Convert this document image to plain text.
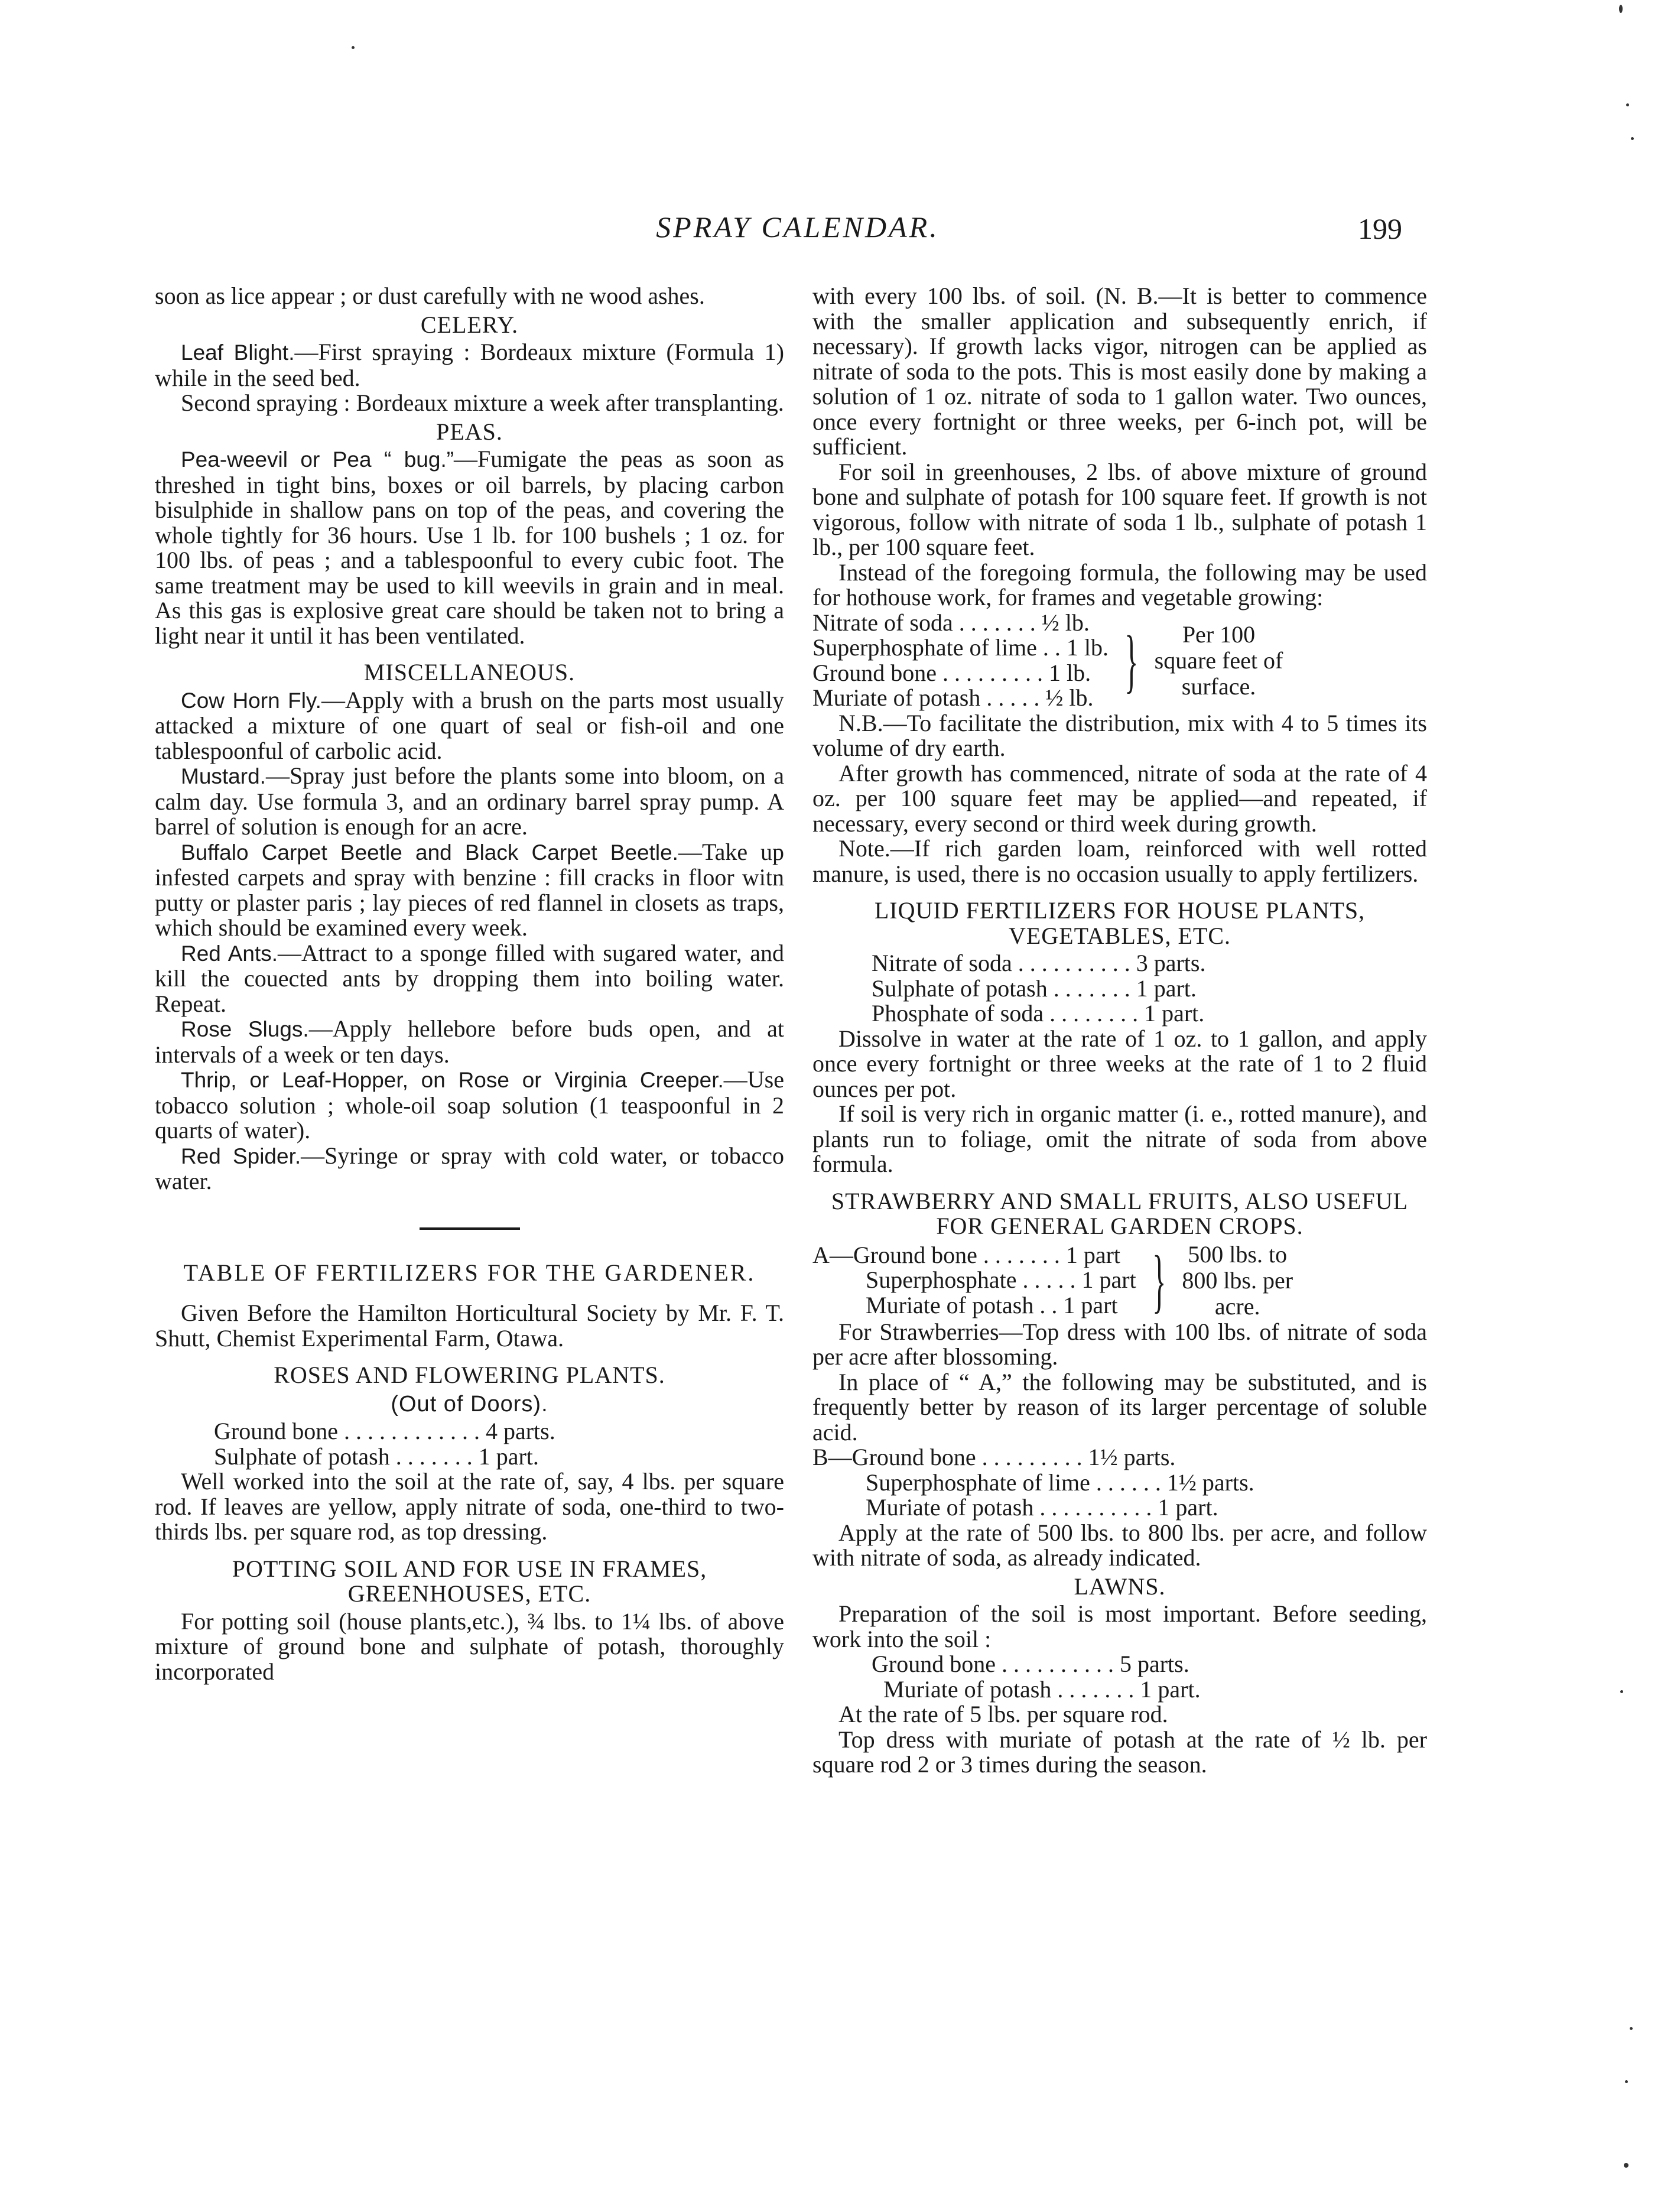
SPRAY CALENDAR.	199

soon as lice appear ; or dust carefully with ne wood ashes.

CELERY.

Leaf Blight.—First spraying : Bordeaux mixture (Formula 1) while in the seed bed.

Second spraying : Bordeaux mixture a week after transplanting.

PEAS.

Pea-weevil or Pea “ bug.”—Fumigate the peas as soon as threshed in tight bins, boxes or oil barrels, by placing carbon bisulphide in shallow pans on top of the peas, and covering the whole tightly for 36 hours. Use 1 lb. for 100 bushels ; 1 oz. for 100 lbs. of peas ; and a tablespoonful to every cubic foot. The same treatment may be used to kill weevils in grain and in meal. As this gas is explosive great care should be taken not to bring a light near it until it has been ventilated.

MISCELLANEOUS.

Cow Horn Fly.—Apply with a brush on the parts most usually attacked a mixture of one quart of seal or fish-oil and one tablespoonful of carbolic acid.

Mustard.—Spray just before the plants some into bloom, on a calm day. Use formula 3, and an ordinary barrel spray pump. A barrel of solution is enough for an acre.

Buffalo Carpet Beetle and Black Carpet Beetle.—Take up infested carpets and spray with benzine : fill cracks in floor witn putty or plaster paris ; lay pieces of red flannel in closets as traps, which should be examined every week.

Red Ants.—Attract to a sponge filled with sugared water, and kill the couected ants by dropping them into boiling water. Repeat.

Rose Slugs.—Apply hellebore before buds open, and at intervals of a week or ten days.

Thrip, or Leaf-Hopper, on Rose or Virginia Creeper.—Use tobacco solution ; whole-oil soap solution (1 teaspoonful in 2 quarts of water).

Red Spider.—Syringe or spray with cold water, or tobacco water.

TABLE OF FERTILIZERS FOR THE GARDENER.

Given Before the Hamilton Horticultural Society by Mr. F. T. Shutt, Chemist Experimental Farm, Otawa.

ROSES AND FLOWERING PLANTS.
(Out of Doors).
Ground bone
. . . . . . . . . . . .
4 parts.
Sulphate of potash
. . . . . . .
1 part.

Well worked into the soil at the rate of, say, 4 lbs. per square rod. If leaves are yellow, apply nitrate of soda, one-third to two-thirds lbs. per square rod, as top dressing.

POTTING SOIL AND FOR USE IN FRAMES, GREENHOUSES, ETC.

For potting soil (house plants,etc.), ¾ lbs. to 1¼ lbs. of above mixture of ground bone and sulphate of potash, thoroughly incorporated

with every 100 lbs. of soil. (N. B.—It is better to commence with the smaller application and subsequently enrich, if necessary). If growth lacks vigor, nitrogen can be applied as nitrate of soda to the pots. This is most easily done by making a solution of 1 oz. nitrate of soda to 1 gallon water. Two ounces, once every fortnight or three weeks, per 6-inch pot, will be sufficient.

For soil in greenhouses, 2 lbs. of above mixture of ground bone and sulphate of potash for 100 square feet. If growth is not vigorous, follow with nitrate of soda 1 lb., sulphate of potash 1 lb., per 100 square feet.

Instead of the foregoing formula, the following may be used for hothouse work, for frames and vegetable growing:

Nitrate of soda
. . . . . . .
½ lb.
Superphosphate of lime
. .
1 lb.
Ground bone
. . . . . . . . .
1 lb.
Muriate of potash
. . . . .
½ lb. }	Per 100
square feet of
surface.

N.B.—To facilitate the distribution, mix with 4 to 5 times its volume of dry earth.

After growth has commenced, nitrate of soda at the rate of 4 oz. per 100 square feet may be applied—and repeated, if necessary, every second or third week during growth.

Note.—If rich garden loam, reinforced with well rotted manure, is used, there is no occasion usually to apply fertilizers.

LIQUID FERTILIZERS FOR HOUSE PLANTS, VEGETABLES, ETC.
Nitrate of soda
. . . . . . . . . .
3 parts.
Sulphate of potash
. . . . . . .
1 part.
Phosphate of soda
. . . . . . . .
1 part.

Dissolve in water at the rate of 1 oz. to 1 gallon, and apply once every fortnight or three weeks at the rate of 1 to 2 fluid ounces per pot.

If soil is very rich in organic matter (i. e., rotted manure), and plants run to foliage, omit the nitrate of soda from above formula.

STRAWBERRY AND SMALL FRUITS, ALSO USEFUL FOR GENERAL GARDEN CROPS.
A—Ground bone
. . . . . . .
1 part
Superphosphate
. . . . .
1 part
Muriate of potash
. .
1 part } 500 lbs. to
800 lbs. per
acre.

For Strawberries—Top dress with 100 lbs. of nitrate of soda per acre after blossoming.

In place of “ A,” the following may be substituted, and is frequently better by reason of its larger percentage of soluble acid.

B—Ground bone
. . . . . . . . .
1½ parts.
Superphosphate of lime
. . . . . .
1½ parts.
Muriate of potash
. . . . . . . . . .
1 part.

Apply at the rate of 500 lbs. to 800 lbs. per acre, and follow with nitrate of soda, as already indicated.

LAWNS.

Preparation of the soil is most important. Before seeding, work into the soil :

Ground bone
. . . . . . . . . .
5 parts.
Muriate of potash
. . . . . . .
1 part.

At the rate of 5 lbs. per square rod.

Top dress with muriate of potash at the rate of ½ lb. per square rod 2 or 3 times during the season.
